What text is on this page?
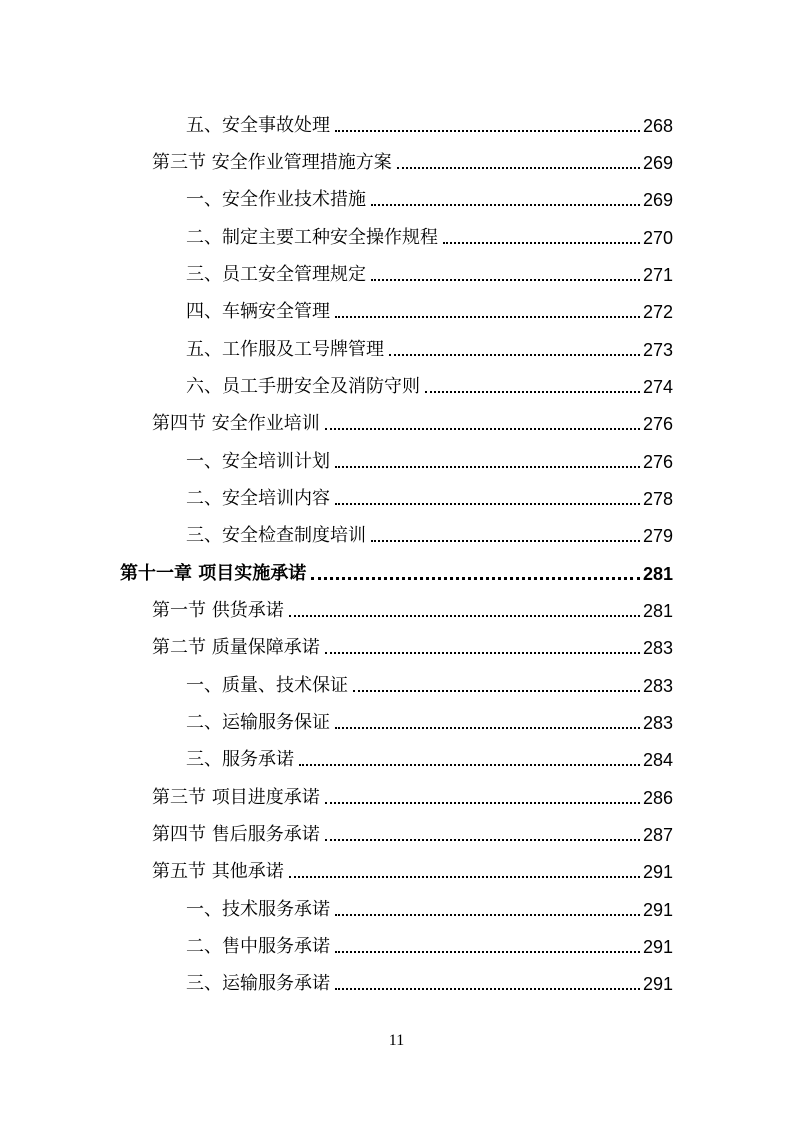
五、安全事故处理	268
第三节 安全作业管理措施方案	269
一、安全作业技术措施	269
二、制定主要工种安全操作规程	270
三、员工安全管理规定	271
四、车辆安全管理	272
五、工作服及工号牌管理	273
六、员工手册安全及消防守则	274
第四节 安全作业培训	276
一、安全培训计划	276
二、安全培训内容	278
三、安全检查制度培训	279
第十一章 项目实施承诺	281
第一节 供货承诺	281
第二节 质量保障承诺	283
一、质量、技术保证	283
二、运输服务保证	283
三、服务承诺	284
第三节 项目进度承诺	286
第四节 售后服务承诺	287
第五节 其他承诺	291
一、技术服务承诺	291
二、售中服务承诺	291
三、运输服务承诺	291
11
